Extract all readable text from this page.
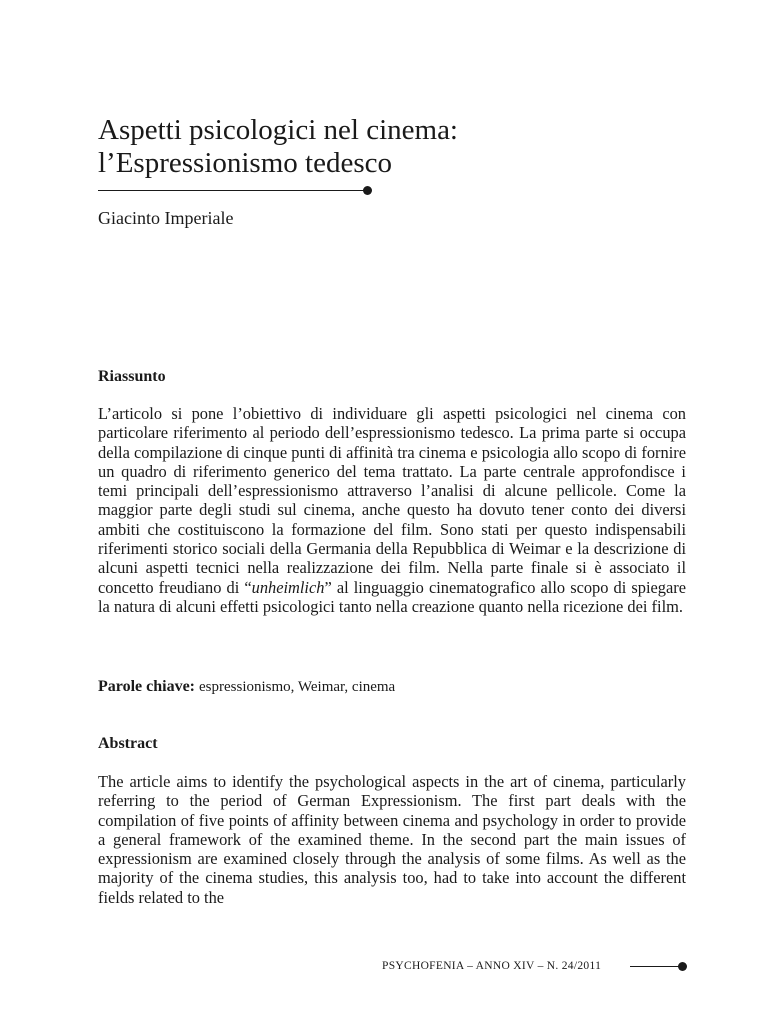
Aspetti psicologici nel cinema:
l’Espressionismo tedesco
Giacinto Imperiale
Riassunto

L’articolo si pone l’obiettivo di individuare gli aspetti psicologici nel cinema con particolare riferimento al periodo dell’espressionismo tedesco. La prima parte si occupa della compilazione di cinque punti di affinità tra cinema e psicologia allo scopo di fornire un quadro di riferimento generico del tema trattato. La parte centrale approfondisce i temi principali dell’espressionismo attraverso l’analisi di alcune pellicole. Come la maggior parte degli studi sul cinema, anche questo ha dovuto tener conto dei diversi ambiti che costituiscono la formazione del film. Sono stati per questo indispensabili riferimenti storico sociali della Germania della Repubblica di Weimar e la descrizione di alcuni aspetti tecnici nella realizzazione dei film. Nella parte finale si è associato il concetto freudiano di “unheimlich” al linguaggio cinematografico allo scopo di spiegare la natura di alcuni effetti psicologici tanto nella creazione quanto nella ricezione dei film.

Parole chiave: espressionismo, Weimar, cinema
Abstract

The article aims to identify the psychological aspects in the art of cinema, particularly referring to the period of German Expressionism. The first part deals with the compilation of five points of affinity between cinema and psychology in order to provide a general framework of the examined theme. In the second part the main issues of expressionism are examined closely through the analysis of some films. As well as the majority of the cinema studies, this analysis too, had to take into account the different fields related to the

PSYCHOFENIA – ANNO XIV – N. 24/2011
